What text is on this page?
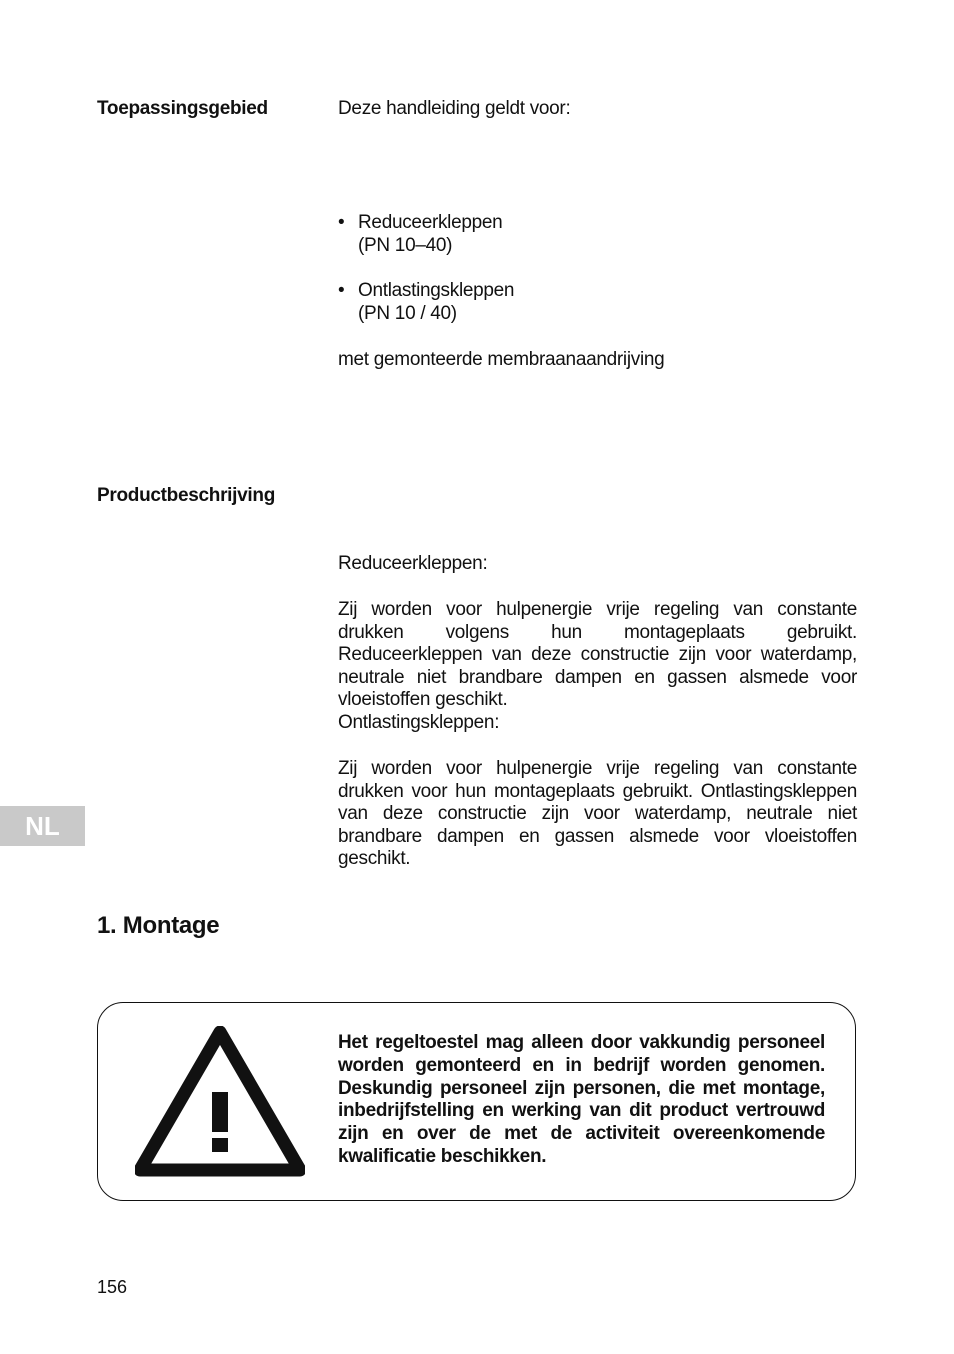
Toepassingsgebied	Deze handleiding geldt voor:
• Reduceerkleppen
(PN 10–40)
• Ontlastingskleppen
(PN 10 / 40)
met gemonteerde membraanaandrijving
Productbeschrijving
Reduceerkleppen:
Zij worden voor hulpenergie vrije regeling van constante drukken volgens hun montageplaats gebruikt. Reduceerkleppen van deze constructie zijn voor waterdamp, neutrale niet brandbare dampen en gassen alsmede voor vloeistoffen geschikt.
Ontlastingskleppen:
Zij worden voor hulpenergie vrije regeling van constante drukken voor hun montageplaats gebruikt. Ontlastingskleppen van deze constructie zijn voor waterdamp, neutrale niet brandbare dampen en gassen alsmede voor vloeistoffen geschikt.
NL
1. Montage
Het regeltoestel mag alleen door vakkundig personeel worden gemonteerd en in bedrijf worden genomen. Deskundig personeel zijn personen, die met montage, inbedrijfstelling en werking van dit product vertrouwd zijn en over de met de activiteit overeenkomende kwalificatie beschikken.
156
